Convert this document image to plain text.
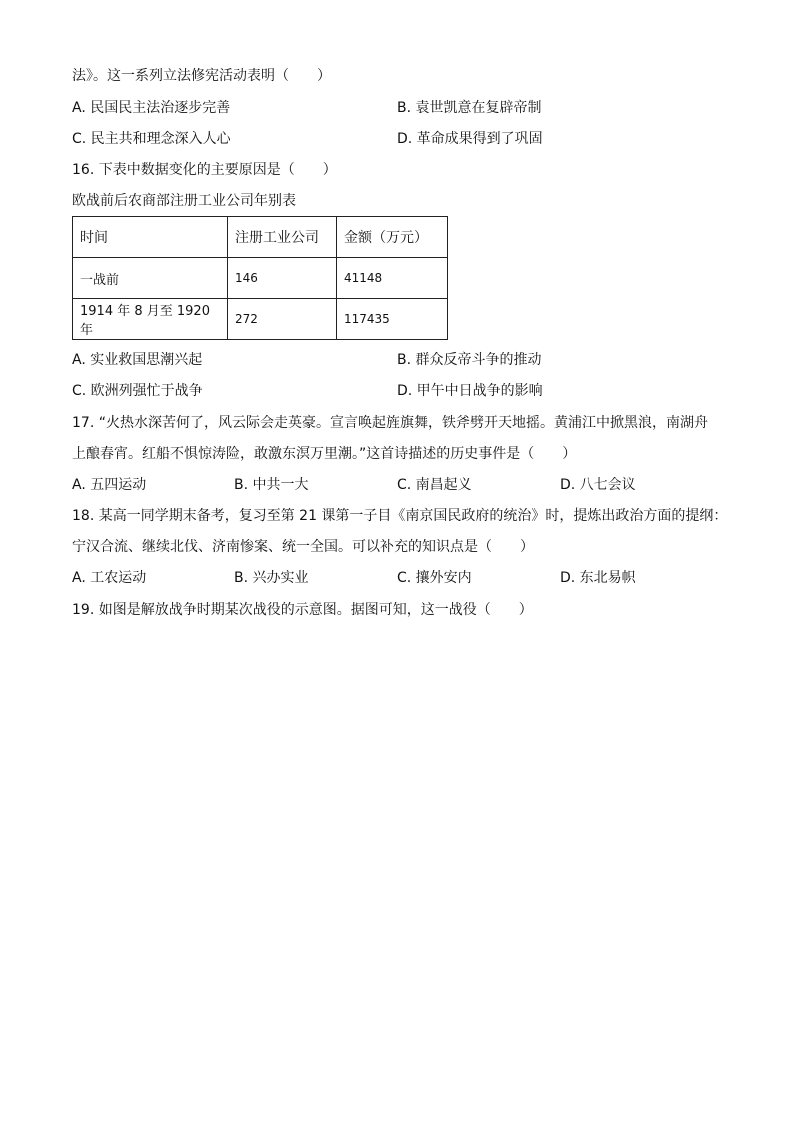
法》。这一系列立法修宪活动表明（　　）
A. 民国民主法治逐步完善	B. 袁世凯意在复辟帝制
C. 民主共和理念深入人心	D. 革命成果得到了巩固
16. 下表中数据变化的主要原因是（　　）
欧战前后农商部注册工业公司年别表
时间	注册工业公司	金额（万元）
一战前	146	41148
1914 年 8 月至 1920 年	272	117435
A. 实业救国思潮兴起	B. 群众反帝斗争的推动
C. 欧洲列强忙于战争	D. 甲午中日战争的影响
17. “火热水深苦何了，风云际会走英豪。宣言唤起旌旗舞，铁斧劈开天地摇。黄浦江中掀黑浪，南湖舟
上酿春宵。红船不惧惊涛险，敢激东溟万里潮。”这首诗描述的历史事件是（　　）
A. 五四运动	B. 中共一大	C. 南昌起义	D. 八七会议
18. 某高一同学期末备考，复习至第 21 课第一子目《南京国民政府的统治》时，提炼出政治方面的提纲：
宁汉合流、继续北伐、济南惨案、统一全国。可以补充的知识点是（　　）
A. 工农运动	B. 兴办实业	C. 攘外安内	D. 东北易帜
19. 如图是解放战争时期某次战役的示意图。据图可知，这一战役（　　）
